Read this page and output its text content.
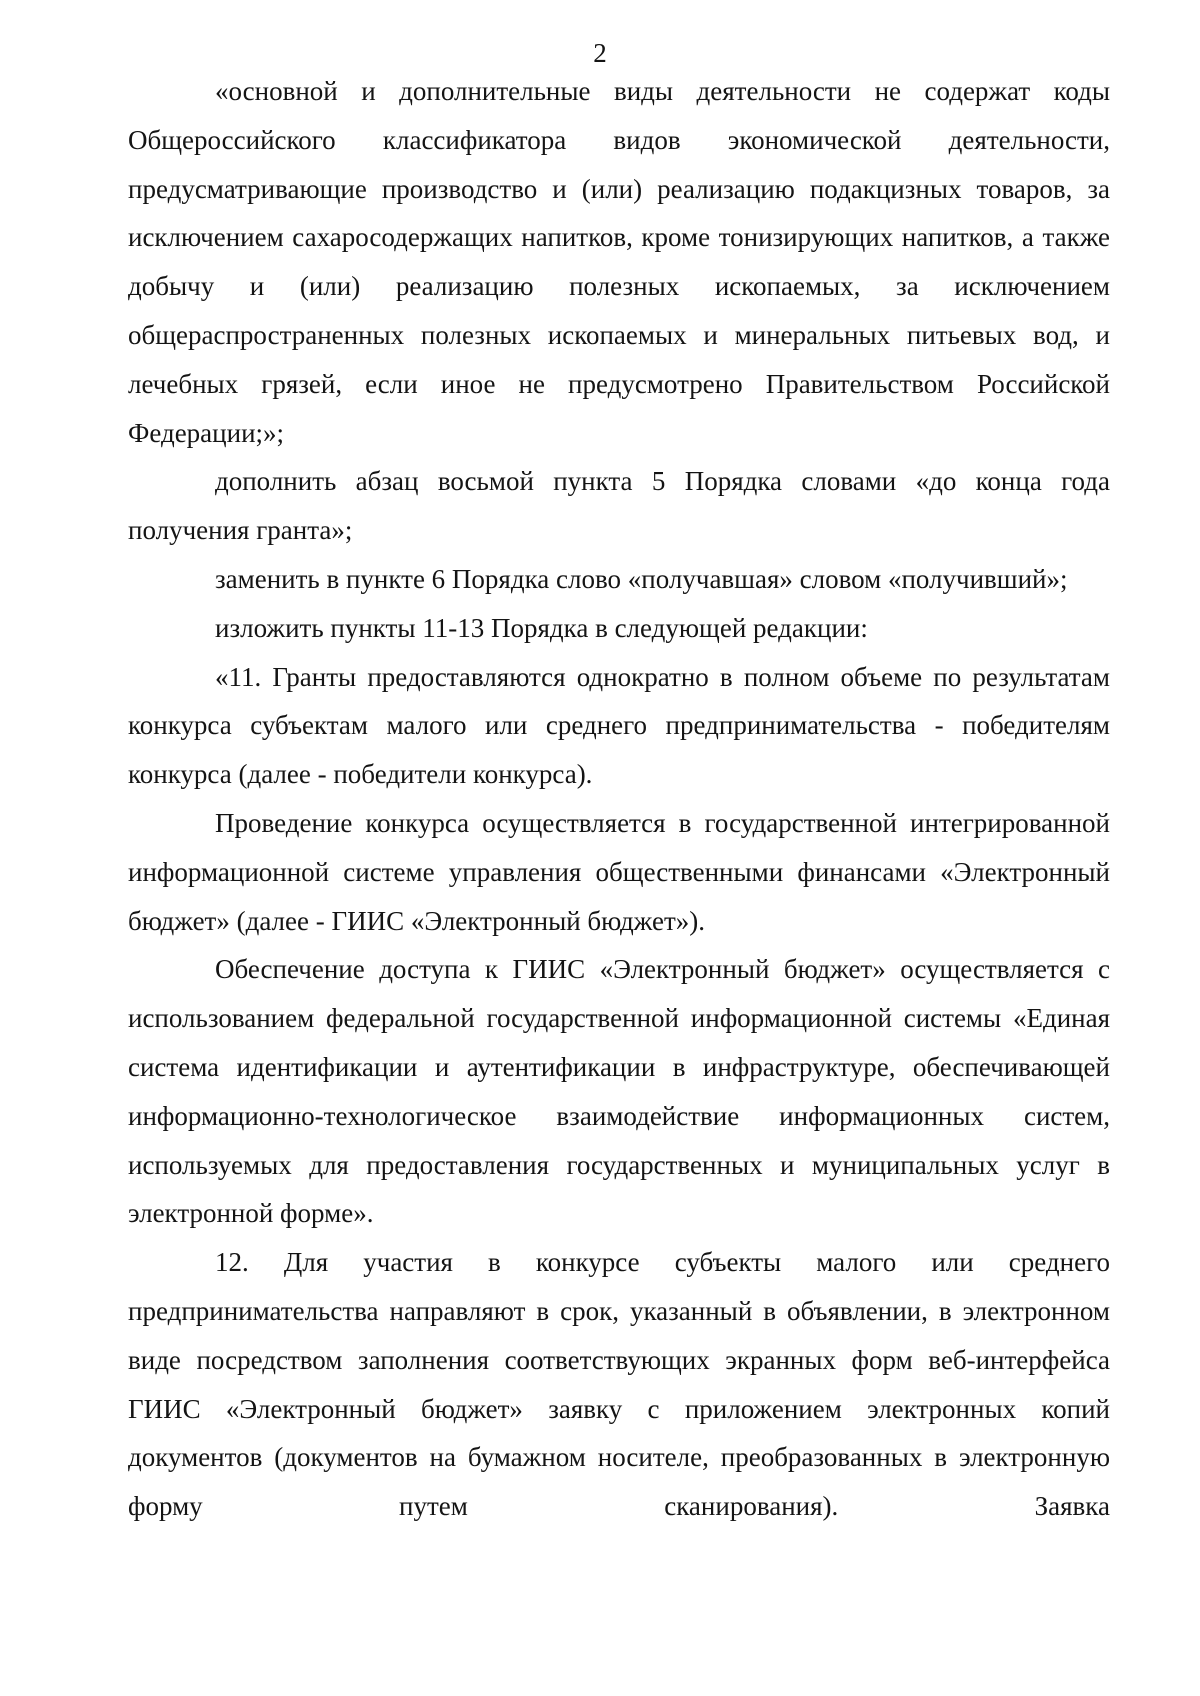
2

«основной и дополнительные виды деятельности не содержат коды Общероссийского классификатора видов экономической деятельности, предусматривающие производство и (или) реализацию подакцизных товаров, за исключением сахаросодержащих напитков, кроме тонизирующих напитков, а также добычу и (или) реализацию полезных ископаемых, за исключением общераспространенных полезных ископаемых и минеральных питьевых вод, и лечебных грязей, если иное не предусмотрено Правительством Российской Федерации;»;

дополнить абзац восьмой пункта 5 Порядка словами «до конца года получения гранта»;

заменить в пункте 6 Порядка слово «получавшая» словом «получивший»;

изложить пункты 11-13 Порядка в следующей редакции:

«11. Гранты предоставляются однократно в полном объеме по результатам конкурса субъектам малого или среднего предпринимательства - победителям конкурса (далее - победители конкурса).

Проведение конкурса осуществляется в государственной интегрированной информационной системе управления общественными финансами «Электронный бюджет» (далее - ГИИС «Электронный бюджет»).

Обеспечение доступа к ГИИС «Электронный бюджет» осуществляется с использованием федеральной государственной информационной системы «Единая система идентификации и аутентификации в инфраструктуре, обеспечивающей информационно-технологическое взаимодействие информационных систем, используемых для предоставления государственных и муниципальных услуг в электронной форме».

12. Для участия в конкурсе субъекты малого или среднего предпринимательства направляют в срок, указанный в объявлении, в электронном виде посредством заполнения соответствующих экранных форм веб-интерфейса ГИИС «Электронный бюджет» заявку с приложением электронных копий документов (документов на бумажном носителе, преобразованных в электронную форму путем сканирования). Заявка
